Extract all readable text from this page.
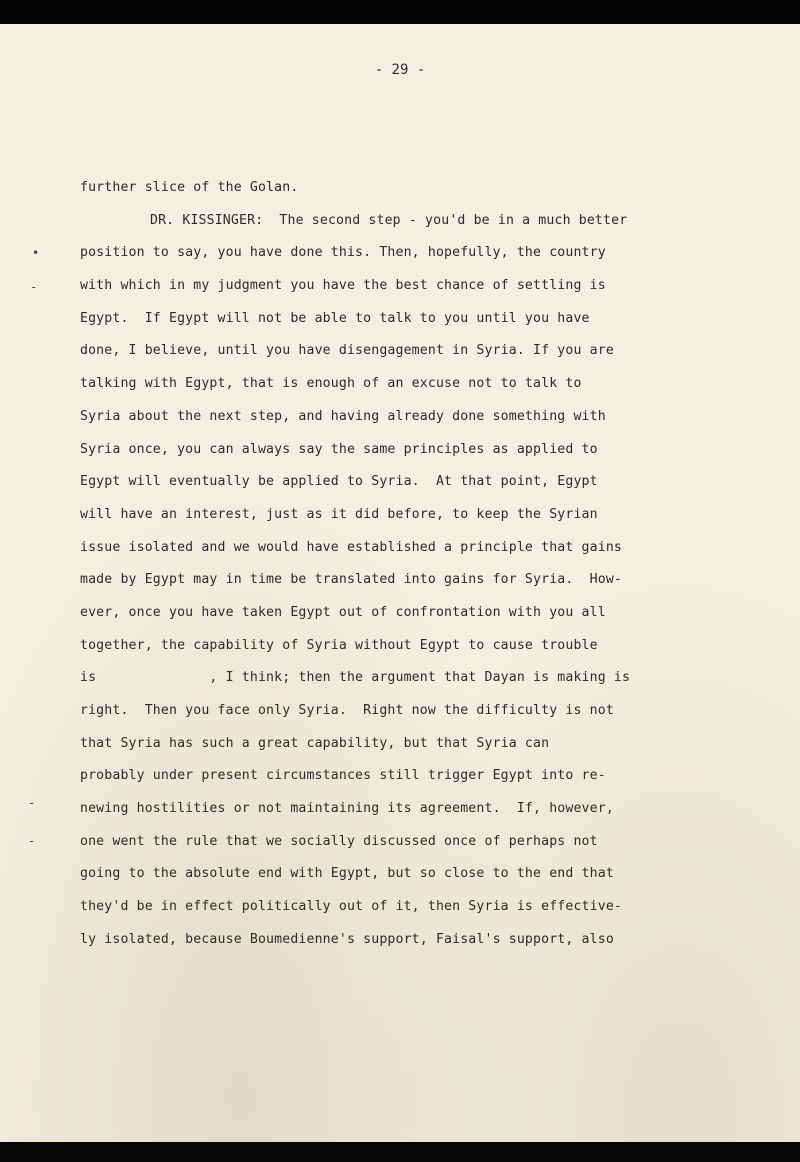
- 29 -
•
-
-
-
further slice of the Golan.
DR. KISSINGER:  The second step - you'd be in a much better
position to say, you have done this. Then, hopefully, the country
with which in my judgment you have the best chance of settling is
Egypt.  If Egypt will not be able to talk to you until you have
done, I believe, until you have disengagement in Syria. If you are
talking with Egypt, that is enough of an excuse not to talk to
Syria about the next step, and having already done something with
Syria once, you can always say the same principles as applied to
Egypt will eventually be applied to Syria.  At that point, Egypt
will have an interest, just as it did before, to keep the Syrian
issue isolated and we would have established a principle that gains
made by Egypt may in time be translated into gains for Syria.  How-
ever, once you have taken Egypt out of confrontation with you all
together, the capability of Syria without Egypt to cause trouble
is              , I think; then the argument that Dayan is making is
right.  Then you face only Syria.  Right now the difficulty is not
that Syria has such a great capability, but that Syria can
probably under present circumstances still trigger Egypt into re-
newing hostilities or not maintaining its agreement.  If, however,
one went the rule that we socially discussed once of perhaps not
going to the absolute end with Egypt, but so close to the end that
they'd be in effect politically out of it, then Syria is effective-
ly isolated, because Boumedienne's support, Faisal's support, also
